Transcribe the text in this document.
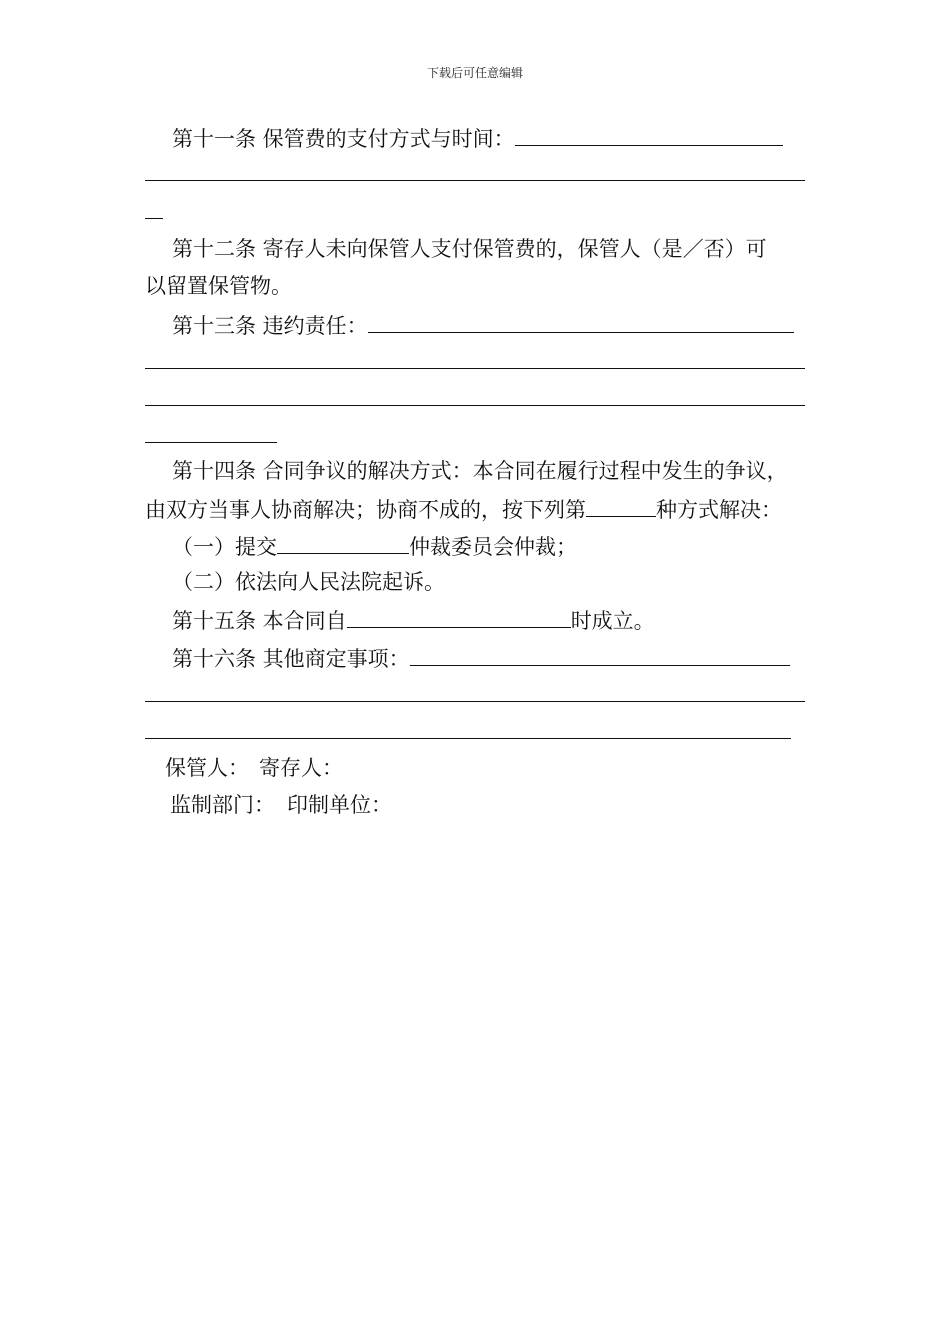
下载后可任意编辑
第十一条 保管费的支付方式与时间：
第十二条 寄存人未向保管人支付保管费的，保管人（是／否）可
以留置保管物。
第十三条 违约责任：
第十四条 合同争议的解决方式：本合同在履行过程中发生的争议，
由双方当事人协商解决；协商不成的，按下列第	种方式解决：
（一）提交	仲裁委员会仲裁；
（二）依法向人民法院起诉。
第十五条 本合同自	时成立。
第十六条 其他商定事项：
保管人： 寄存人：
监制部门： 印制单位：
